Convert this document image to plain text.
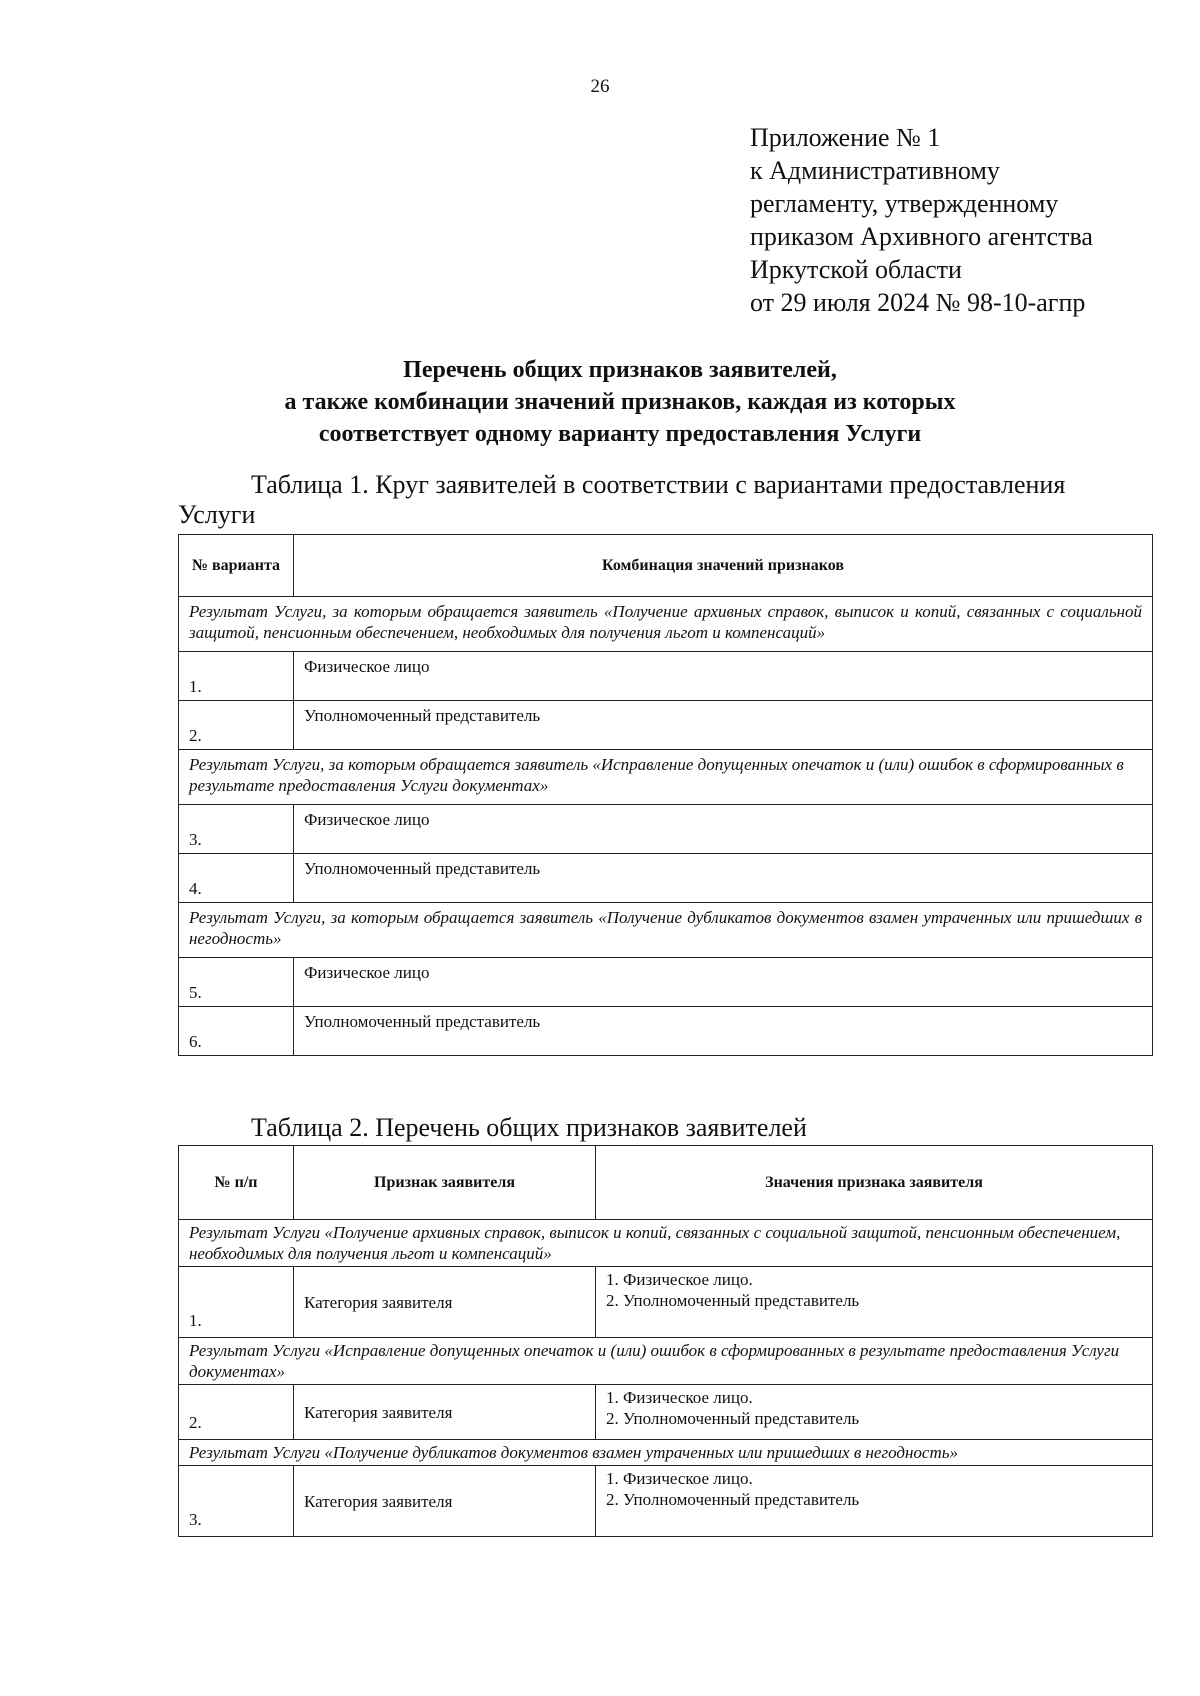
26
Приложение № 1
к Административному
регламенту, утвержденному
приказом Архивного агентства
Иркутской области
от 29 июля 2024 № 98-10-агпр
Перечень общих признаков заявителей,
а также комбинации значений признаков, каждая из которых
соответствует одному варианту предоставления Услуги
Таблица 1. Круг заявителей в соответствии с вариантами предоставления
Услуги
№ варианта	Комбинация значений признаков
Результат Услуги, за которым обращается заявитель «Получение архивных справок, выписок и копий, связанных с социальной защитой, пенсионным обеспечением, необходимых для получения льгот и компенсаций»	
1.	Физическое лицо
2.	Уполномоченный представитель
Результат Услуги, за которым обращается заявитель «Исправление допущенных опечаток и (или) ошибок в сформированных в результате предоставления Услуги документах»	
3.	Физическое лицо
4.	Уполномоченный представитель
Результат Услуги, за которым обращается заявитель «Получение дубликатов документов взамен утраченных или пришедших в негодность»	
5.	Физическое лицо
6.	Уполномоченный представитель
Таблица 2. Перечень общих признаков заявителей
№ п/п	Признак заявителя	Значения признака заявителя
Результат Услуги «Получение архивных справок, выписок и копий, связанных с социальной защитой, пенсионным обеспечением, необходимых для получения льгот и компенсаций»		
1.	Категория заявителя	1. Физическое лицо.
2. Уполномоченный представитель

Результат Услуги «Исправление допущенных опечаток и (или) ошибок в сформированных в результате предоставления Услуги документах»		
2.	Категория заявителя	1. Физическое лицо.
2. Уполномоченный представитель

Результат Услуги «Получение дубликатов документов взамен утраченных или пришедших в негодность»		
3.	Категория заявителя	1. Физическое лицо.
2. Уполномоченный представитель
